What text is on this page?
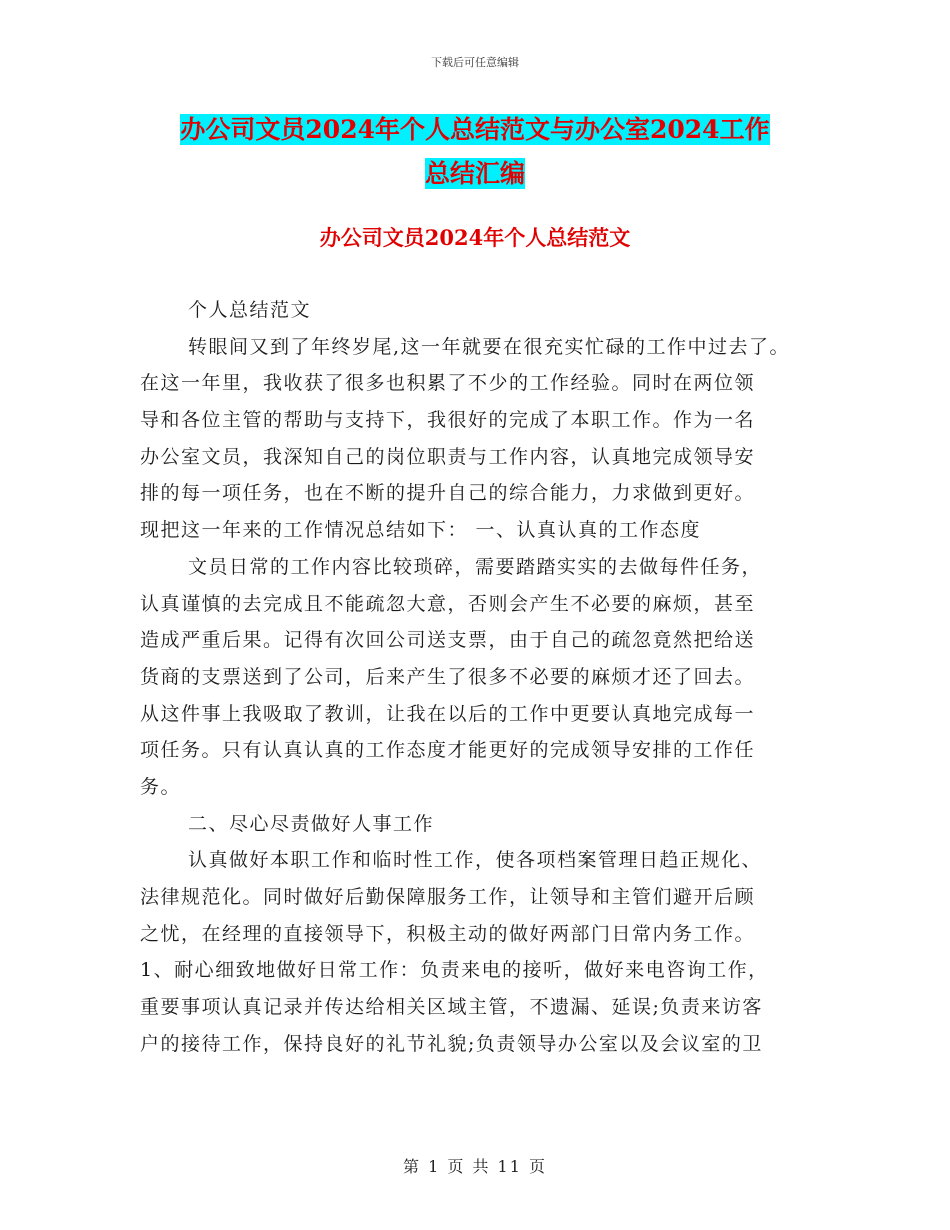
下载后可任意编辑
办公司文员2024年个人总结范文与办公室2024工作
总结汇编
办公司文员2024年个人总结范文

个人总结范文

转眼间又到了年终岁尾,这一年就要在很充实忙碌的工作中过去了。

在这一年里，我收获了很多也积累了不少的工作经验。同时在两位领

导和各位主管的帮助与支持下，我很好的完成了本职工作。作为一名

办公室文员，我深知自己的岗位职责与工作内容，认真地完成领导安

排的每一项任务，也在不断的提升自己的综合能力，力求做到更好。

现把这一年来的工作情况总结如下： 一、认真认真的工作态度

文员日常的工作内容比较琐碎，需要踏踏实实的去做每件任务，

认真谨慎的去完成且不能疏忽大意，否则会产生不必要的麻烦，甚至

造成严重后果。记得有次回公司送支票，由于自己的疏忽竟然把给送

货商的支票送到了公司，后来产生了很多不必要的麻烦才还了回去。

从这件事上我吸取了教训，让我在以后的工作中更要认真地完成每一

项任务。只有认真认真的工作态度才能更好的完成领导安排的工作任

务。

二、尽心尽责做好人事工作

认真做好本职工作和临时性工作，使各项档案管理日趋正规化、

法律规范化。同时做好后勤保障服务工作，让领导和主管们避开后顾

之忧，在经理的直接领导下，积极主动的做好两部门日常内务工作。

1、耐心细致地做好日常工作：负责来电的接听，做好来电咨询工作，

重要事项认真记录并传达给相关区域主管，不遗漏、延误;负责来访客

户的接待工作，保持良好的礼节礼貌;负责领导办公室以及会议室的卫

第 1 页 共 11 页
